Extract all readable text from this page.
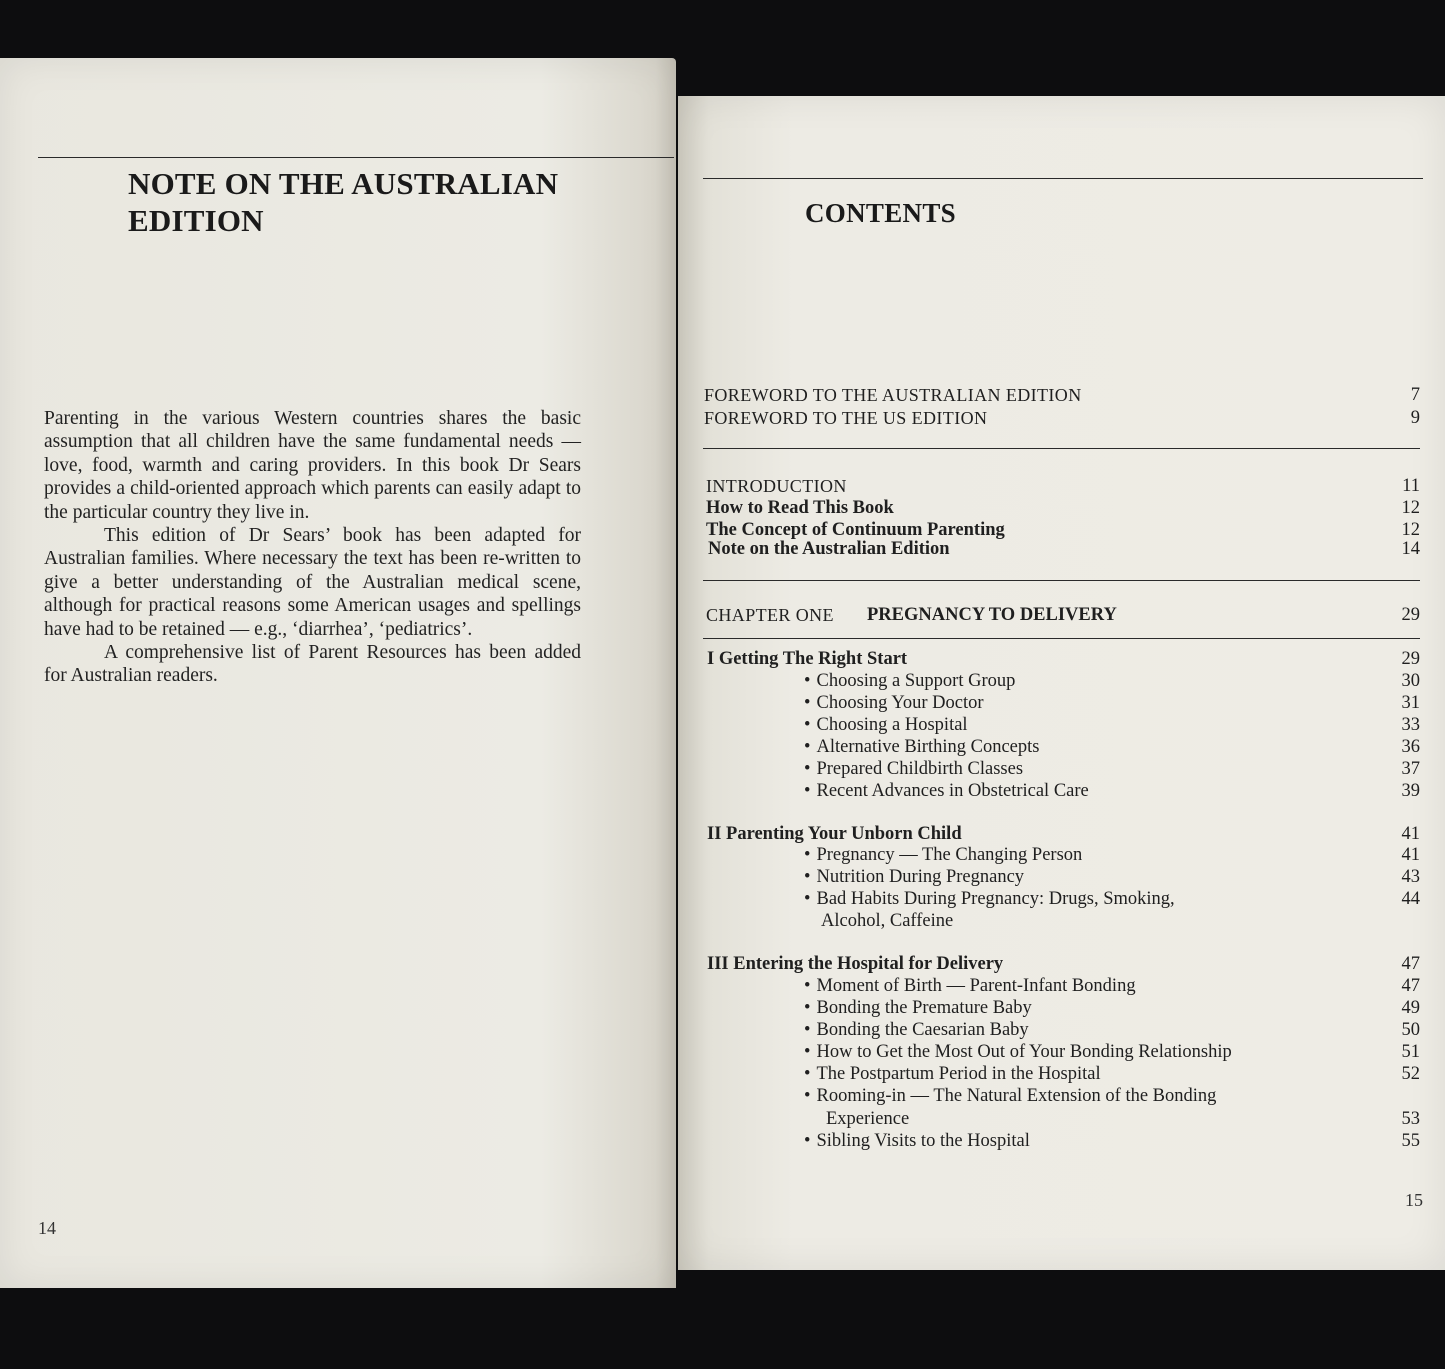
NOTE ON THE AUSTRALIAN
EDITION

Parenting in the various Western countries shares the basic assumption that all children have the same fundamental needs — love, food, warmth and caring providers. In this book Dr Sears provides a child-oriented approach which parents can easily adapt to the particular country they live in.

This edition of Dr Sears’ book has been adapted for Australian families. Where necessary the text has been re-written to give a better understanding of the Australian medical scene, although for practical reasons some American usages and spellings have had to be retained — e.g., ‘diarrhea’, ‘pediatrics’.

A comprehensive list of Parent Resources has been added for Australian readers.

14
CONTENTS
FOREWORD TO THE AUSTRALIAN EDITION	7
FOREWORD TO THE US EDITION	9
INTRODUCTION	11
How to Read This Book	12
The Concept of Continuum Parenting	12
Note on the Australian Edition	14
CHAPTER ONE PREGNANCY TO DELIVERY	29
I Getting The Right Start	29
• Choosing a Support Group	30
• Choosing Your Doctor	31
• Choosing a Hospital	33
• Alternative Birthing Concepts	36
• Prepared Childbirth Classes	37
• Recent Advances in Obstetrical Care	39
II Parenting Your Unborn Child	41
• Pregnancy — The Changing Person	41
• Nutrition During Pregnancy	43
• Bad Habits During Pregnancy: Drugs, Smoking,	44
Alcohol, Caffeine
III Entering the Hospital for Delivery	47
• Moment of Birth — Parent-Infant Bonding	47
• Bonding the Premature Baby	49
• Bonding the Caesarian Baby	50
• How to Get the Most Out of Your Bonding Relationship	51
• The Postpartum Period in the Hospital	52
• Rooming-in — The Natural Extension of the Bonding
Experience	53
• Sibling Visits to the Hospital	55
15
